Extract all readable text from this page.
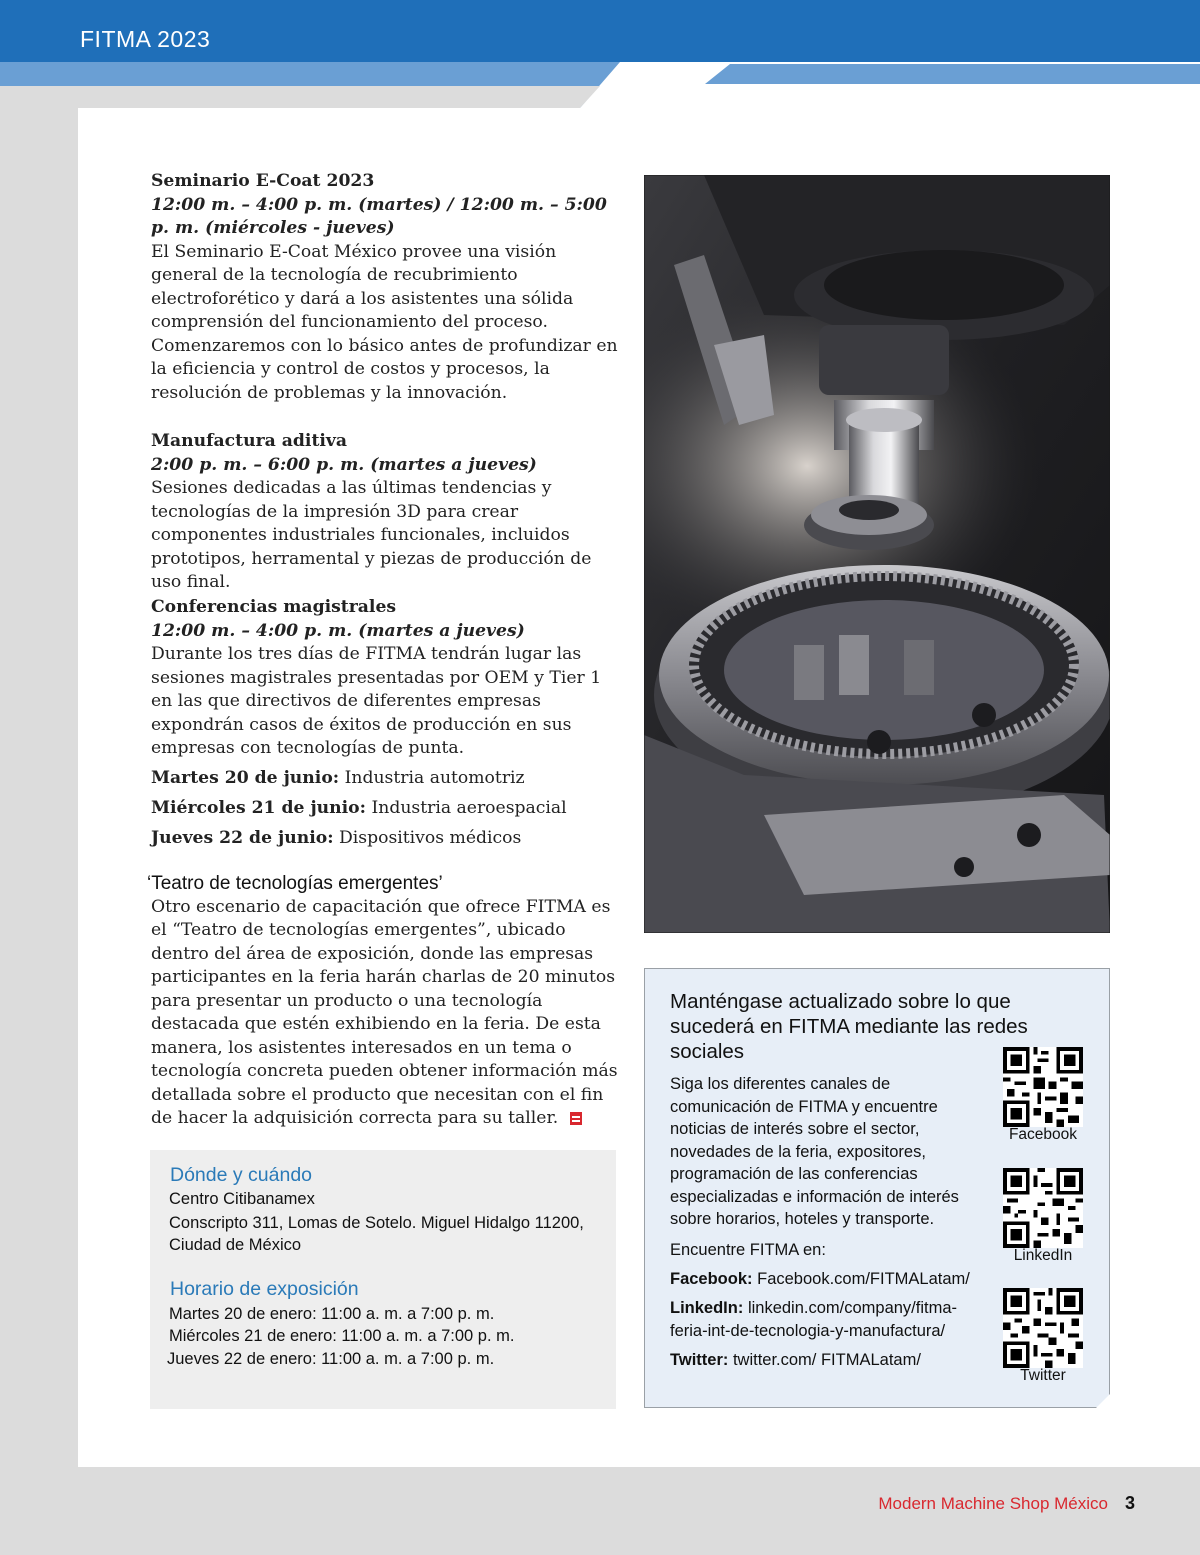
FITMA 2023
Seminario E-Coat 2023
12:00 m. – 4:00 p. m. (martes) / 12:00 m. – 5:00 p. m. (miércoles - jueves)
El Seminario E-Coat México provee una visión general de la tecnología de recubrimiento electroforético y dará a los asistentes una sólida comprensión del funcionamiento del proceso. Comenzaremos con lo básico antes de profundizar en la eficiencia y control de costos y procesos, la resolución de problemas y la innovación.
Manufactura aditiva
2:00 p. m. – 6:00 p. m. (martes a jueves)
Sesiones dedicadas a las últimas tendencias y tecnologías de la impresión 3D para crear componentes industriales funcionales, incluidos prototipos, herramental y piezas de producción de uso final.
Conferencias magistrales
12:00 m. – 4:00 p. m. (martes a jueves)
Durante los tres días de FITMA tendrán lugar las sesiones magistrales presentadas por OEM y Tier 1 en las que directivos de diferentes empresas expondrán casos de éxitos de producción en sus empresas con tecnologías de punta.
Martes 20 de junio: Industria automotriz
Miércoles 21 de junio: Industria aeroespacial
Jueves 22 de junio: Dispositivos médicos
‘Teatro de tecnologías emergentes’
Otro escenario de capacitación que ofrece FITMA es el “Teatro de tecnologías emergentes”, ubicado dentro del área de exposición, donde las empresas participantes en la feria harán charlas de 20 minutos para presentar un producto o una tecnología destacada que estén exhibiendo en la feria. De esta manera, los asistentes interesados en un tema o tecnología concreta pueden obtener información más detallada sobre el producto que necesitan con el fin de hacer la adquisición correcta para su taller.
Dónde y cuándo
Centro Citibanamex
Conscripto 311, Lomas de Sotelo. Miguel Hidalgo 11200,
Ciudad de México
Horario de exposición
Martes 20 de enero: 11:00 a. m. a 7:00 p. m.
Miércoles 21 de enero: 11:00 a. m. a 7:00 p. m.
Jueves 22 de enero: 11:00 a. m. a 7:00 p. m.
Manténgase actualizado sobre lo que sucederá en FITMA mediante las redes sociales
Siga los diferentes canales de comunicación de FITMA y encuentre noticias de interés sobre el sector, novedades de la feria, expositores, programación de las conferencias especializadas e información de interés sobre horarios, hoteles y transporte.
Encuentre FITMA en:
Facebook: Facebook.com/FITMALatam/
LinkedIn: linkedin.com/company/fitma-
feria-int-de-tecnologia-y-manufactura/
Twitter: twitter.com/ FITMALatam/
Facebook
LinkedIn
Twitter
Modern Machine Shop México 3
